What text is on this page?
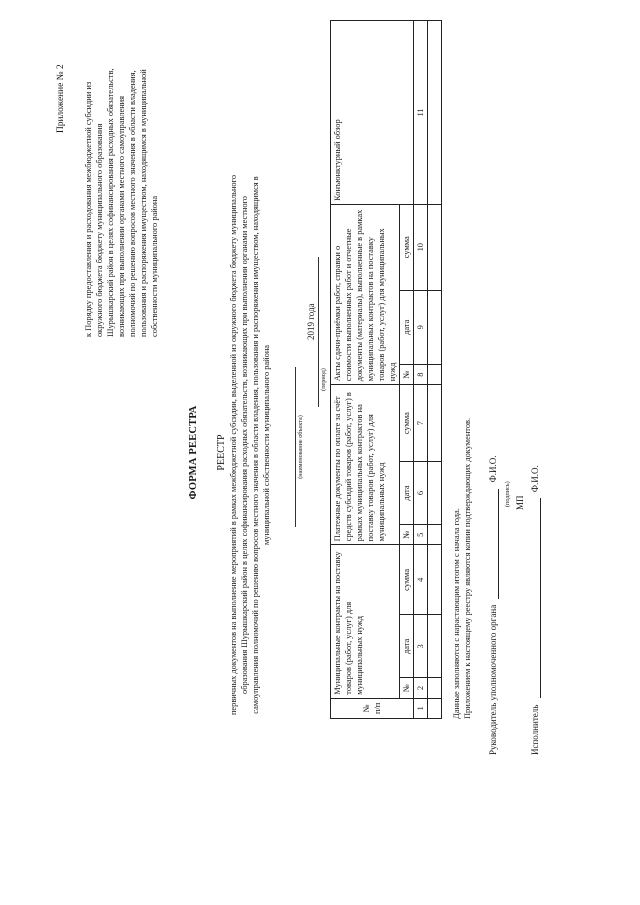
Приложение № 2 к Порядку предоставления и расходования межбюджетной субсидии из окружного бюджета бюджету муниципального образования Шурышкарский район в целях софинансирования расходных обязательств, возникающих при выполнении органами местного самоуправления полномочий по решению вопросов местного значения в области владения, пользования и распоряжения имуществом, находящимся в муниципальной собственности муниципального района
ФОРМА РЕЕСТРА РЕЕСТР первичных документов на выполнение мероприятий в рамках межбюджетной субсидии, выделенной из окружного бюджета бюджету муниципального образования Шурышкарский район в целях софинансирования расходных обязательств, возникающих при выполнении органами местного самоуправления полномочий по решению вопросов местного значения в области владения, пользования и распоряжения имуществом, находящимся в муниципальной собственности муниципального района	(наименование объекта)
2019 года
(период)
№ п/п	Муниципальные контракты на поставку товаров (работ, услуг) для муниципальных нужд			Платежные документы по оплате за счёт средств субсидий товаров (работ, услуг) в рамках муниципальных контрактов на поставку товаров (работ, услуг) для муниципальных нужд			Акты сдачи-приёмки работ, справки о стоимости выполненных работ и отчетные документы (материалы), выполненные в рамках муниципальных контрактов на поставку товаров (работ, услуг) для муниципальных нужд			Конъюнктурный обзор
	№	дата	сумма	№	дата	сумма	№	дата	сумма	
1	2	3	4	5	6	7	8	9	10	11

Данные заполняются с нарастающим итогом с начала года. Приложением к настоящему реестру являются копии подтверждающих документов. Руководитель уполномоченного органа  Ф.И.О.
(подпись) МП
Исполнитель  Ф.И.О.
